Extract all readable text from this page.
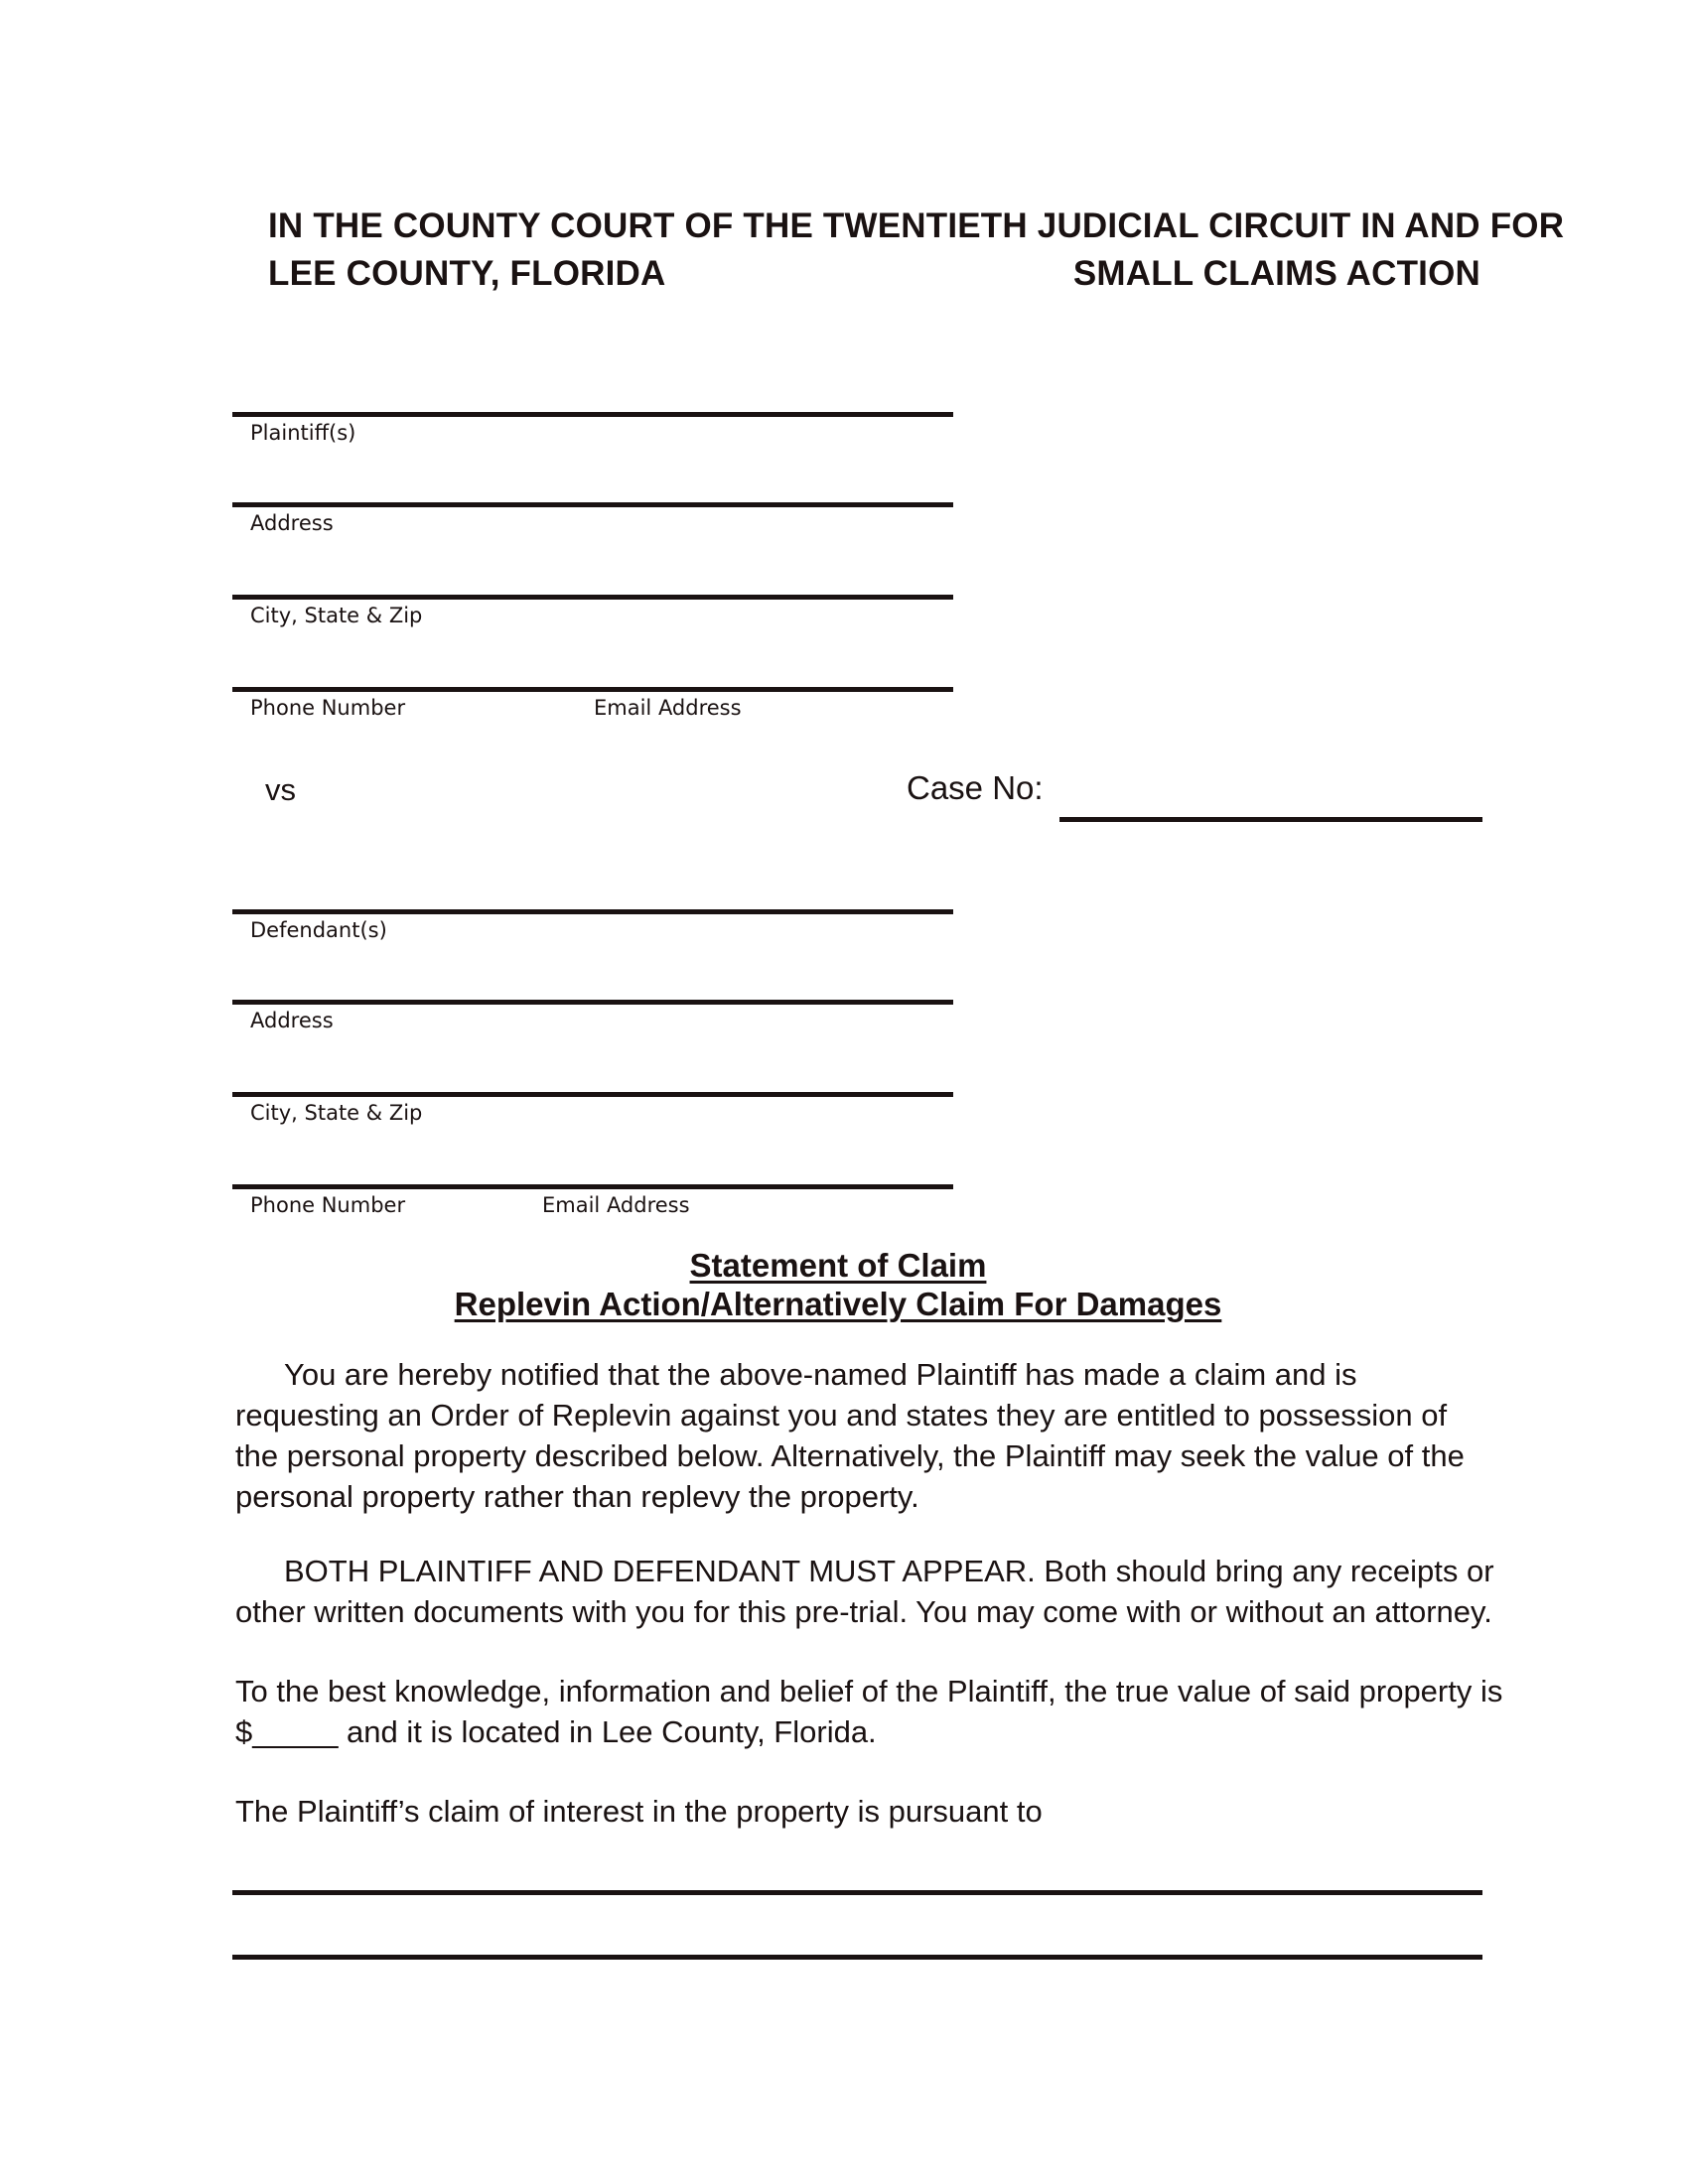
IN THE COUNTY COURT OF THE TWENTIETH JUDICIAL CIRCUIT IN AND FOR
LEE COUNTY, FLORIDA	SMALL CLAIMS ACTION
Plaintiff(s)
Address
City, State & Zip
Phone Number	Email Address
vs	Case No:
Defendant(s)
Address
City, State & Zip
Phone Number	Email Address
Statement of Claim
Replevin Action/Alternatively Claim For Damages
You are hereby notified that the above-named Plaintiff has made a claim and is
requesting an Order of Replevin against you and states they are entitled to possession of
the personal property described below. Alternatively, the Plaintiff may seek the value of the
personal property rather than replevy the property.
BOTH PLAINTIFF AND DEFENDANT MUST APPEAR. Both should bring any receipts or
other written documents with you for this pre-trial. You may come with or without an attorney.
To the best knowledge, information and belief of the Plaintiff, the true value of said property is
$_____ and it is located in Lee County, Florida.
The Plaintiff’s claim of interest in the property is pursuant to
